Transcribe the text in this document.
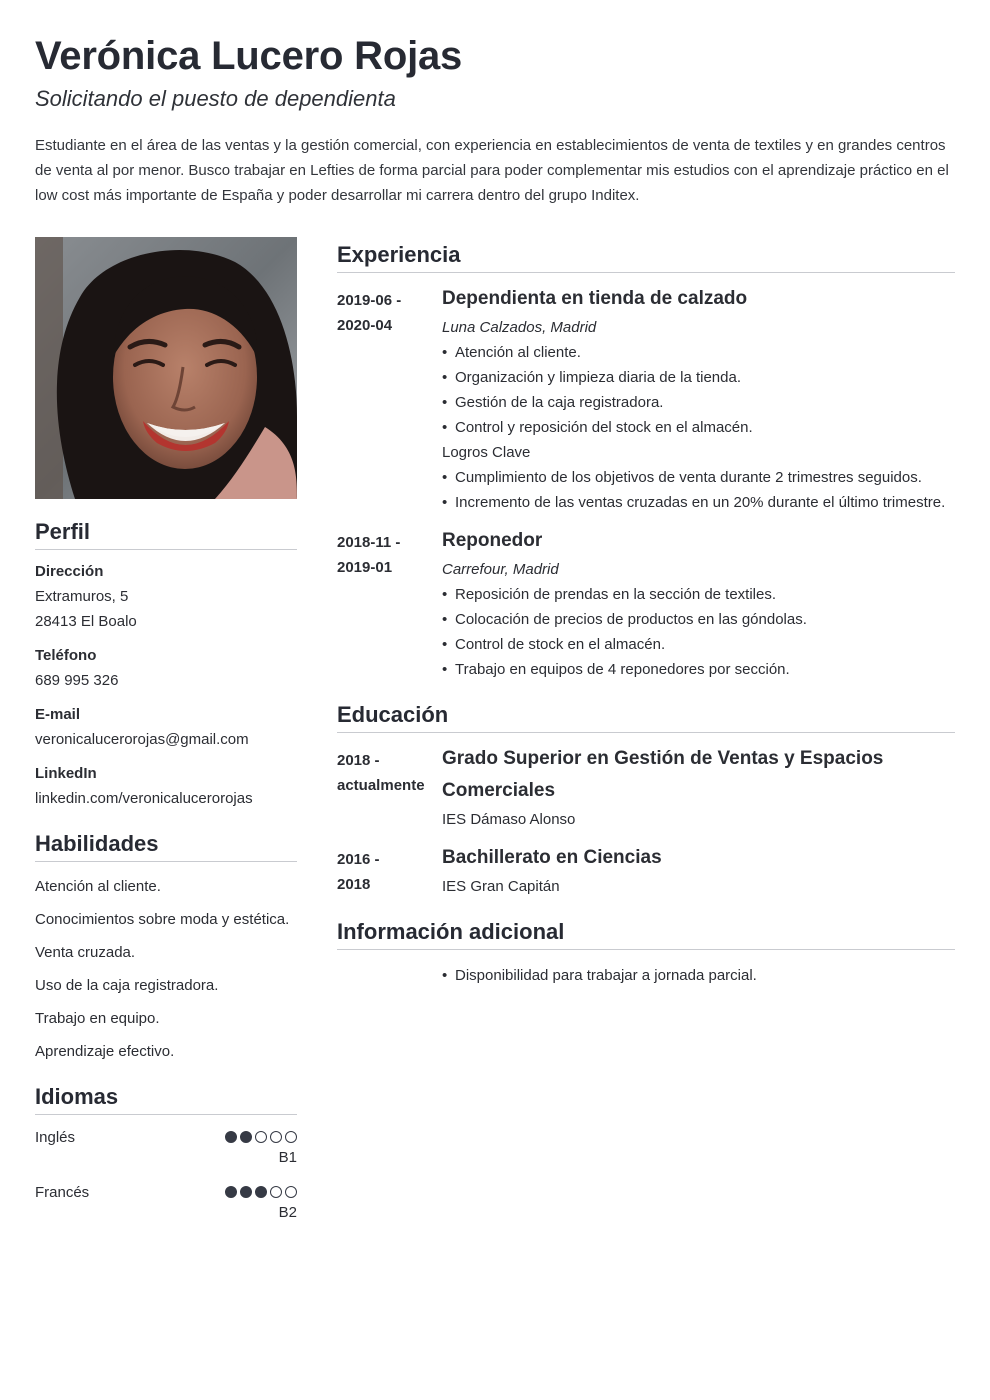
Verónica Lucero Rojas
Solicitando el puesto de dependienta
Estudiante en el área de las ventas y la gestión comercial, con experiencia en establecimientos de venta de textiles y en grandes centros de venta al por menor. Busco trabajar en Lefties de forma parcial para poder complementar mis estudios con el aprendizaje práctico en el low cost más importante de España y poder desarrollar mi carrera dentro del grupo Inditex.
Perfil
Dirección
Extramuros, 5
28413 El Boalo
Teléfono
689 995 326
E-mail
veronicalucerorojas@gmail.com
LinkedIn
linkedin.com/veronicalucerorojas
Habilidades
Atención al cliente.
Conocimientos sobre moda y estética.
Venta cruzada.
Uso de la caja registradora.
Trabajo en equipo.
Aprendizaje efectivo.
Idiomas
Inglés
B1
Francés
B2
Experiencia
2019-06 -
2020-04
Dependienta en tienda de calzado
Luna Calzados, Madrid
• Atención al cliente.
• Organización y limpieza diaria de la tienda.
• Gestión de la caja registradora.
• Control y reposición del stock en el almacén.
Logros Clave
• Cumplimiento de los objetivos de venta durante 2 trimestres seguidos.
• Incremento de las ventas cruzadas en un 20% durante el último trimestre.
2018-11 -
2019-01
Reponedor
Carrefour, Madrid
• Reposición de prendas en la sección de textiles.
• Colocación de precios de productos en las góndolas.
• Control de stock en el almacén.
• Trabajo en equipos de 4 reponedores por sección.
Educación
2018 -
actualmente
Grado Superior en Gestión de Ventas y Espacios Comerciales
IES Dámaso Alonso
2016 -
2018
Bachillerato en Ciencias
IES Gran Capitán
Información adicional
• Disponibilidad para trabajar a jornada parcial.
